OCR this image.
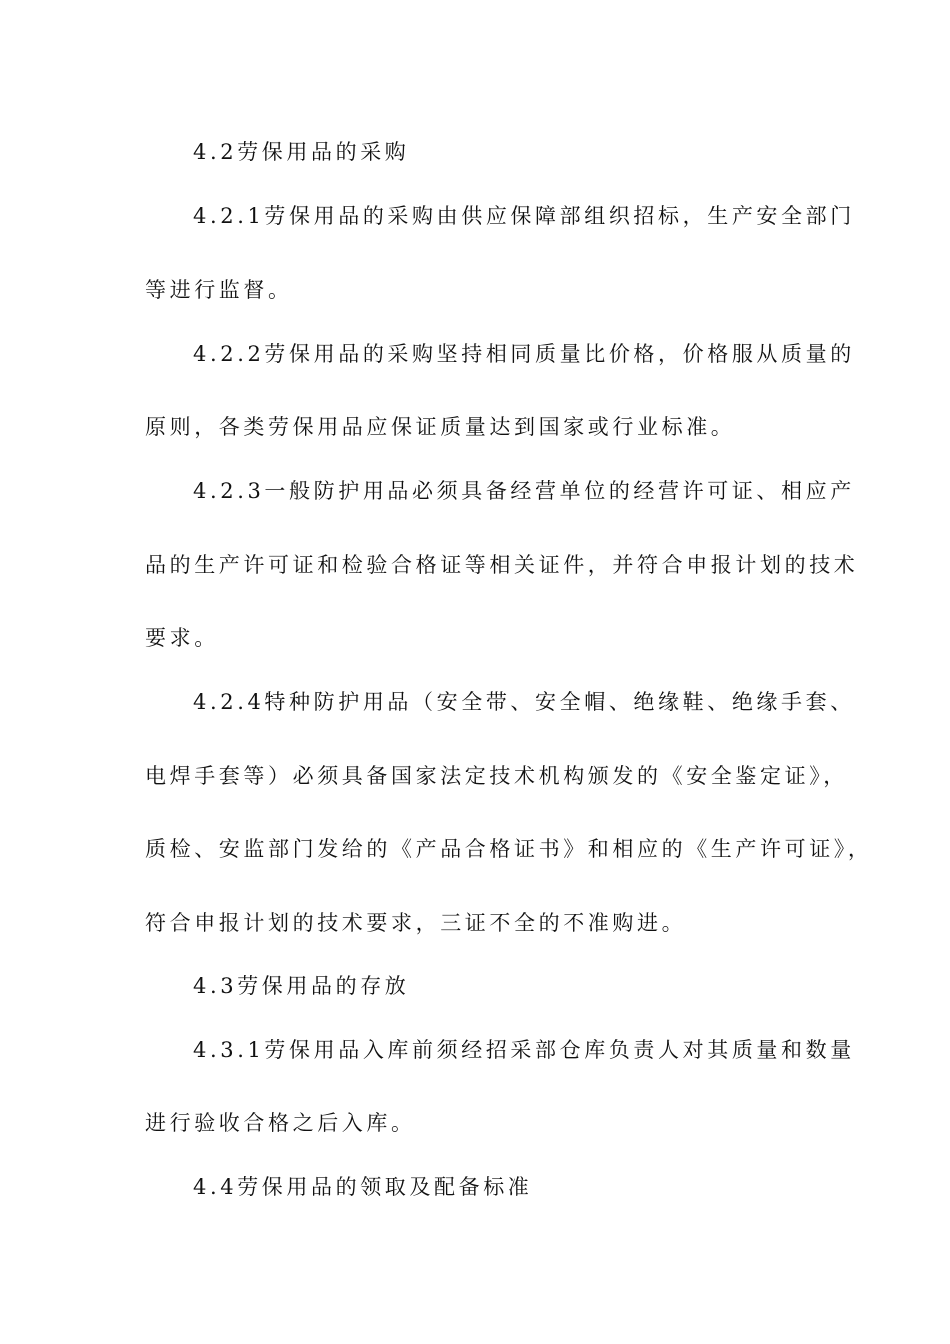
4.2劳保用品的采购
4.2.1劳保用品的采购由供应保障部组织招标，生产安全部门
等进行监督。
4.2.2劳保用品的采购坚持相同质量比价格，价格服从质量的
原则，各类劳保用品应保证质量达到国家或行业标准。
4.2.3一般防护用品必须具备经营单位的经营许可证、相应产
品的生产许可证和检验合格证等相关证件，并符合申报计划的技术
要求。
4.2.4特种防护用品（安全带、安全帽、绝缘鞋、绝缘手套、
电焊手套等）必须具备国家法定技术机构颁发的《安全鉴定证》，
质检、安监部门发给的《产品合格证书》和相应的《生产许可证》，
符合申报计划的技术要求，三证不全的不准购进。
4.3劳保用品的存放
4.3.1劳保用品入库前须经招采部仓库负责人对其质量和数量
进行验收合格之后入库。
4.4劳保用品的领取及配备标准
